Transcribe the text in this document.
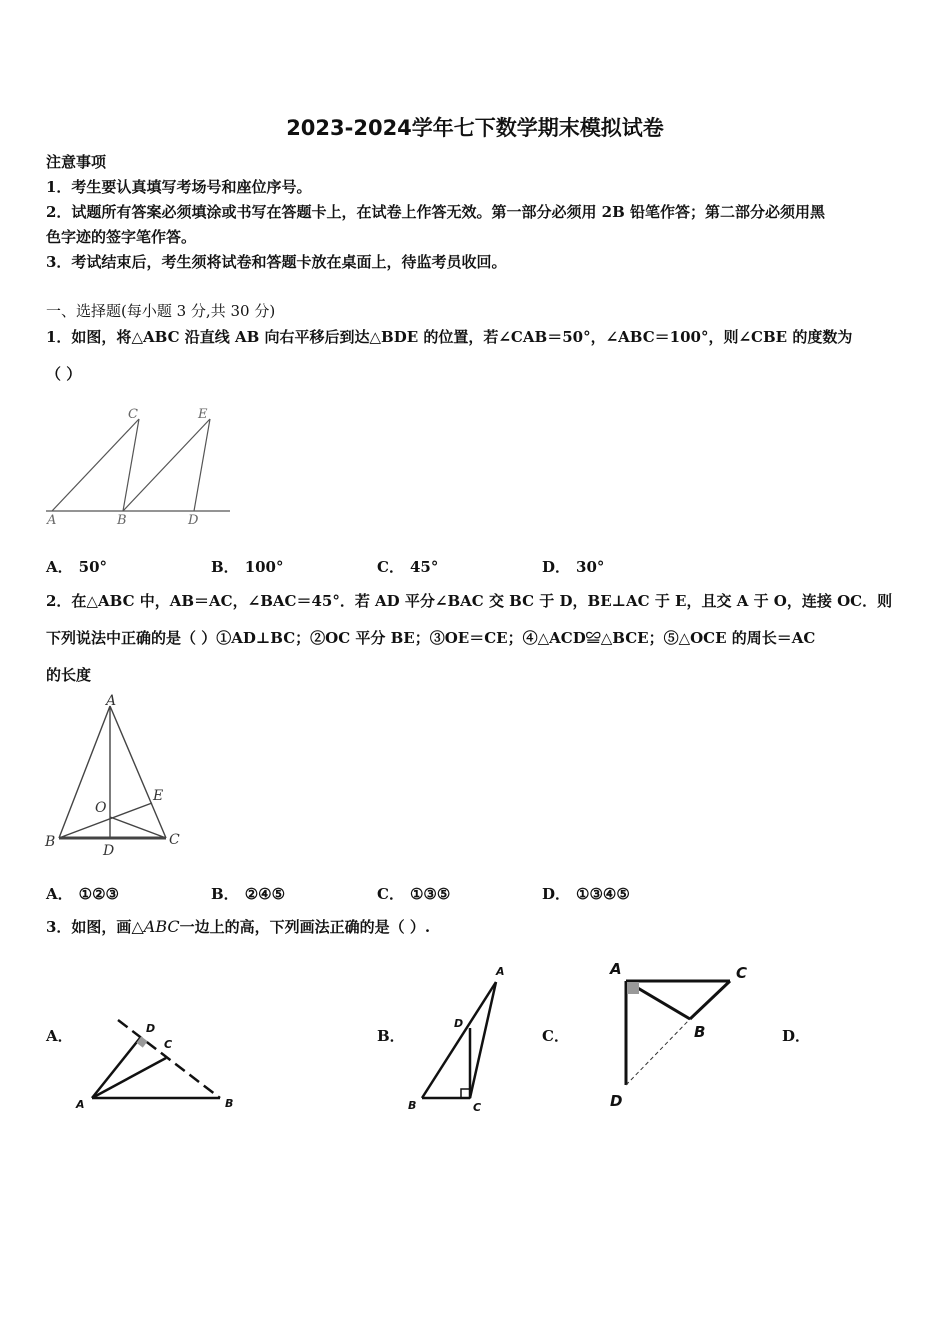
2023-2024学年七下数学期末模拟试卷
注意事项
1．考生要认真填写考场号和座位序号。
2．试题所有答案必须填涂或书写在答题卡上，在试卷上作答无效。第一部分必须用 2B 铅笔作答；第二部分必须用黑
色字迹的签字笔作答。
3．考试结束后，考生须将试卷和答题卡放在桌面上，待监考员收回。
一、选择题(每小题 3 分,共 30 分)
1．如图，将△ABC 沿直线 AB 向右平移后到达△BDE 的位置，若∠CAB＝50°，∠ABC＝100°，则∠CBE 的度数为
（ ）
A	B	D
C	E
A． 50°	B． 100°	C． 45°	D． 30°
2．在△ABC 中，AB＝AC，∠BAC＝45°．若 AD 平分∠BAC 交 BC 于 D，BE⊥AC 于 E，且交 A 于 O，连接 OC．则
下列说法中正确的是（ ）①AD⊥BC；②OC 平分 BE；③OE＝CE；④△ACD≌△BCE；⑤△OCE 的周长＝AC
的长度
A
B	C
D
E
O
A． ①②③	B． ②④⑤	C． ①③⑤	D． ①③④⑤
3．如图，画△ABC一边上的高，下列画法正确的是（ ）.
A．	B．	C．	D．
A	B
C
D
A
B	C
D
A	C
B
D
